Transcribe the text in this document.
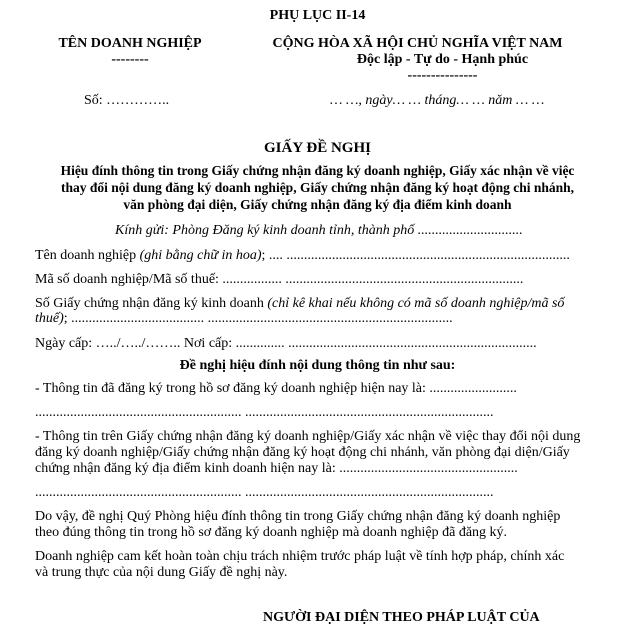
PHỤ LỤC II-14
TÊN DOANH NGHIỆP
--------
CỘNG HÒA XÃ HỘI CHỦ NGHĨA VIỆT NAM
Độc lập - Tự do - Hạnh phúc
---------------
Số: …………..	… …, ngày… … tháng… … năm … …
GIẤY ĐỀ NGHỊ
Hiệu đính thông tin trong Giấy chứng nhận đăng ký doanh nghiệp, Giấy xác nhận về việc
thay đổi nội dung đăng ký doanh nghiệp, Giấy chứng nhận đăng ký hoạt động chi nhánh,
văn phòng đại diện, Giấy chứng nhận đăng ký địa điểm kinh doanh
Kính gửi: Phòng Đăng ký kinh doanh tỉnh, thành phố ..............................
Tên doanh nghiệp (ghi bằng chữ in hoa); .... .................................................................................
Mã số doanh nghiệp/Mã số thuế: ................. ....................................................................
Số Giấy chứng nhận đăng ký kinh doanh (chỉ kê khai nếu không có mã số doanh nghiệp/mã số
thuế); ...................................... ......................................................................
Ngày cấp: …../…../…….. Nơi cấp: .............. .......................................................................
Đề nghị hiệu đính nội dung thông tin như sau:
- Thông tin đã đăng ký trong hồ sơ đăng ký doanh nghiệp hiện nay là: .........................
........................................................... .......................................................................
- Thông tin trên Giấy chứng nhận đăng ký doanh nghiệp/Giấy xác nhận về việc thay đổi nội dung
đăng ký doanh nghiệp/Giấy chứng nhận đăng ký hoạt động chi nhánh, văn phòng đại diện/Giấy
chứng nhận đăng ký địa điểm kinh doanh hiện nay là: ...................................................
........................................................... .......................................................................
Do vậy, đề nghị Quý Phòng hiệu đính thông tin trong Giấy chứng nhận đăng ký doanh nghiệp
theo đúng thông tin trong hồ sơ đăng ký doanh nghiệp mà doanh nghiệp đã đăng ký.
Doanh nghiệp cam kết hoàn toàn chịu trách nhiệm trước pháp luật về tính hợp pháp, chính xác
và trung thực của nội dung Giấy đề nghị này.
NGƯỜI ĐẠI DIỆN THEO PHÁP LUẬT CỦA
